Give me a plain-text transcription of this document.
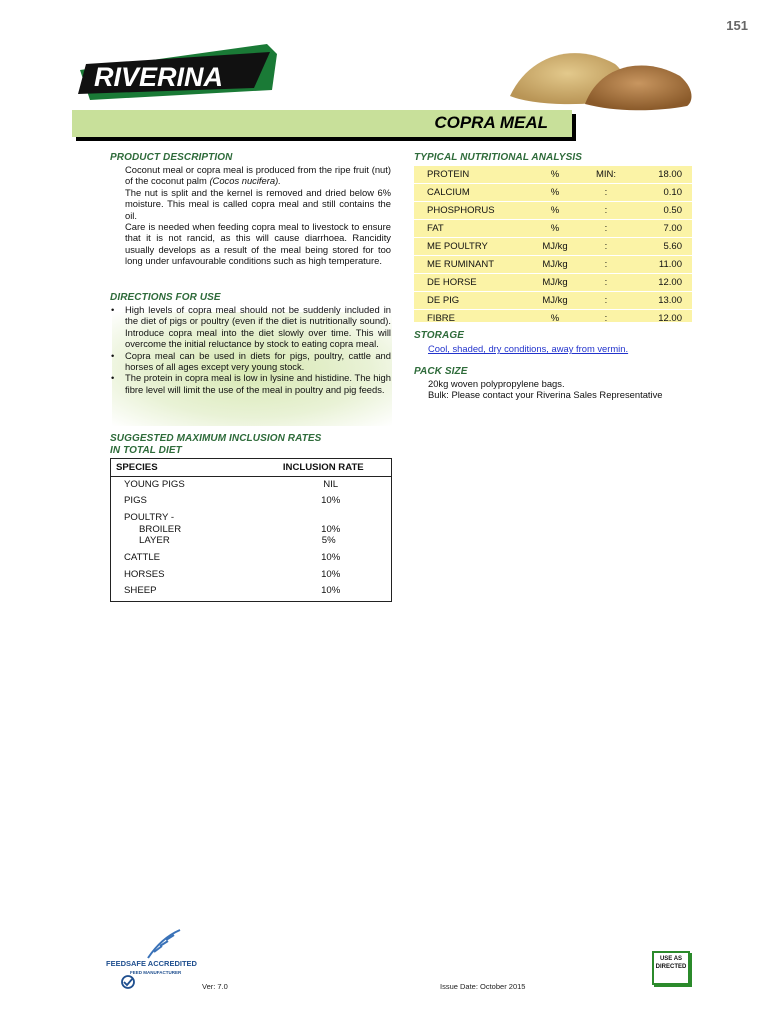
151
RIVERINA
COPRA MEAL
PRODUCT DESCRIPTION

Coconut meal or copra meal is produced from the ripe fruit (nut) of the coconut palm (Cocos nucifera).

The nut is split and the kernel is removed and dried below 6% moisture. This meal is called copra meal and still contains the oil.

Care is needed when feeding copra meal to livestock to ensure that it is not rancid, as this will cause diarrhoea. Rancidity usually develops as a result of the meal being stored for too long under unfavourable conditions such as high temperature.

DIRECTIONS FOR USE
• High levels of copra meal should not be suddenly included in the diet of pigs or poultry (even if the diet is nutritionally sound). Introduce copra meal into the diet slowly over time. This will overcome the initial reluctance by stock to eating copra meal.
• Copra meal can be used in diets for pigs, poultry, cattle and horses of all ages except very young stock.
• The protein in copra meal is low in lysine and histidine. The high fibre level will limit the use of the meal in poultry and pig feeds.
SUGGESTED MAXIMUM INCLUSION RATES
IN TOTAL DIET
SPECIES	INCLUSION RATE
YOUNG PIGS	NIL
PIGS	10%
POULTRY -
BROILER	10%
LAYER	5%
CATTLE	10%
HORSES	10%
SHEEP	10%
TYPICAL NUTRITIONAL ANALYSIS
PROTEIN	%	MIN:	18.00
CALCIUM	%	:	0.10
PHOSPHORUS	%	:	0.50
FAT	%	:	7.00
ME POULTRY	MJ/kg	:	5.60
ME RUMINANT	MJ/kg	:	11.00
DE HORSE	MJ/kg	:	12.00
DE PIG	MJ/kg	:	13.00
FIBRE	%	:	12.00
STORAGE
Cool, shaded, dry conditions, away from vermin.
PACK SIZE
20kg woven polypropylene bags.
Bulk: Please contact your Riverina Sales Representative
FEEDSAFE ACCREDITED
FEED MANUFACTURER
Ver: 7.0	Issue Date: October 2015
USE AS DIRECTED
